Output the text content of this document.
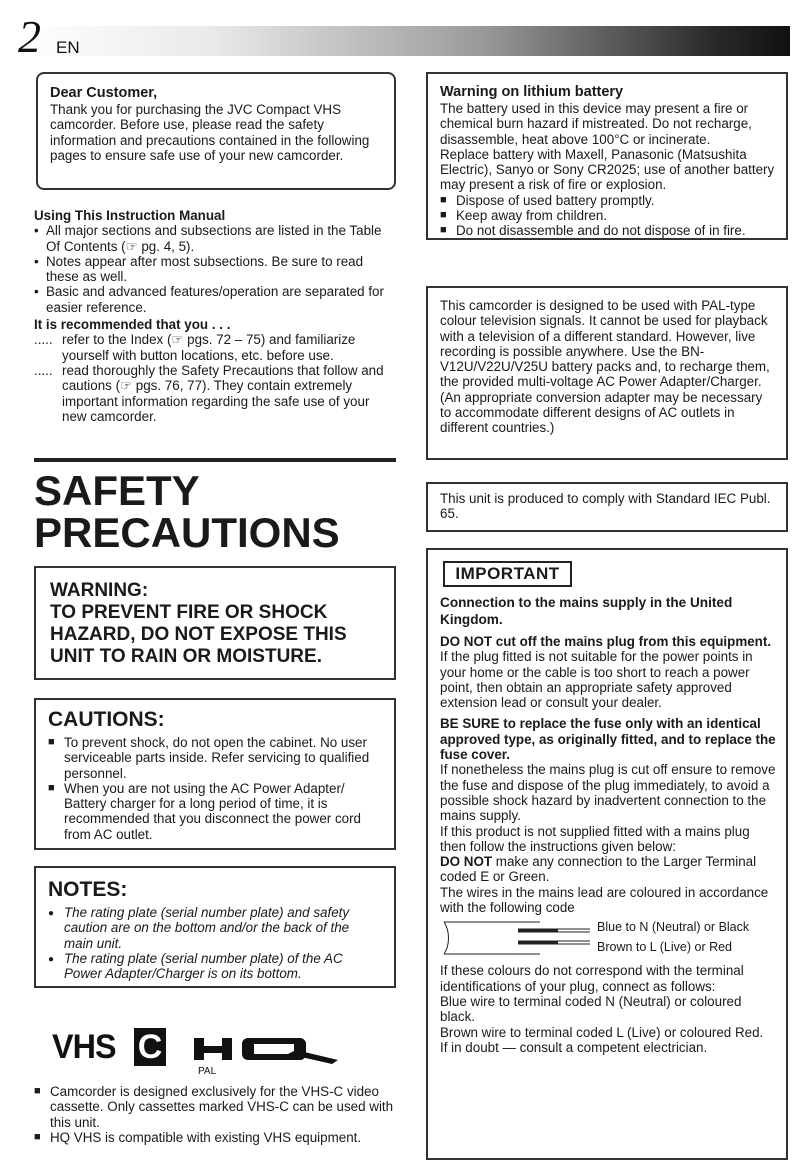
2 EN

Dear Customer,

Thank you for purchasing the JVC Compact VHS camcorder. Before use, please read the safety information and precautions contained in the following pages to ensure safe use of your new camcorder.

Using This Instruction Manual

• All major sections and subsections are listed in the Table Of Contents (☞ pg. 4, 5).
• Notes appear after most subsections. Be sure to read these as well.
• Basic and advanced features/operation are separated for easier reference.

It is recommended that you . . .

..... refer to the Index (☞ pgs. 72 – 75) and familiarize yourself with button locations, etc. before use.
..... read thoroughly the Safety Precautions that follow and cautions (☞ pgs. 76, 77). They contain extremely important information regarding the safe use of your new camcorder.
SAFETY
PRECAUTIONS
WARNING:
TO PREVENT FIRE OR SHOCK
HAZARD, DO NOT EXPOSE THIS
UNIT TO RAIN OR MOISTURE.
CAUTIONS:
■ To prevent shock, do not open the cabinet. No user serviceable parts inside. Refer servicing to qualified personnel.
■ When you are not using the AC Power Adapter/ Battery charger for a long period of time, it is recommended that you disconnect the power cord from AC outlet.
NOTES:
● The rating plate (serial number plate) and safety caution are on the bottom and/or the back of the main unit.
● The rating plate (serial number plate) of the AC Power Adapter/Charger is on its bottom.
VHS C
PAL
■ Camcorder is designed exclusively for the VHS-C video cassette. Only cassettes marked VHS-C can be used with this unit.
■ HQ VHS is compatible with existing VHS equipment.

Warning on lithium battery

The battery used in this device may present a fire or chemical burn hazard if mistreated. Do not recharge, disassemble, heat above 100°C or incinerate.

Replace battery with Maxell, Panasonic (Matsushita Electric), Sanyo or Sony CR2025; use of another battery may present a risk of fire or explosion.

■ Dispose of used battery promptly.
■ Keep away from children.
■ Do not disassemble and do not dispose of in fire.

This camcorder is designed to be used with PAL-type colour television signals. It cannot be used for playback with a television of a different standard. However, live recording is possible anywhere. Use the BN-V12U/V22U/V25U battery packs and, to recharge them, the provided multi-voltage AC Power Adapter/Charger. (An appropriate conversion adapter may be necessary to accommodate different designs of AC outlets in different countries.)

This unit is produced to comply with Standard IEC Publ. 65.

IMPORTANT

Connection to the mains supply in the United Kingdom.

DO NOT cut off the mains plug from this equipment. If the plug fitted is not suitable for the power points in your home or the cable is too short to reach a power point, then obtain an appropriate safety approved extension lead or consult your dealer.

BE SURE to replace the fuse only with an identical approved type, as originally fitted, and to replace the fuse cover.

If nonetheless the mains plug is cut off ensure to remove the fuse and dispose of the plug immediately, to avoid a possible shock hazard by inadvertent connection to the mains supply.

If this product is not supplied fitted with a mains plug then follow the instructions given below:

DO NOT make any connection to the Larger Terminal coded E or Green.

The wires in the mains lead are coloured in accordance with the following code

Blue to N (Neutral) or Black
Brown to L (Live) or Red

If these colours do not correspond with the terminal identifications of your plug, connect as follows:

Blue wire to terminal coded N (Neutral) or coloured black.

Brown wire to terminal coded L (Live) or coloured Red.

If in doubt — consult a competent electrician.
